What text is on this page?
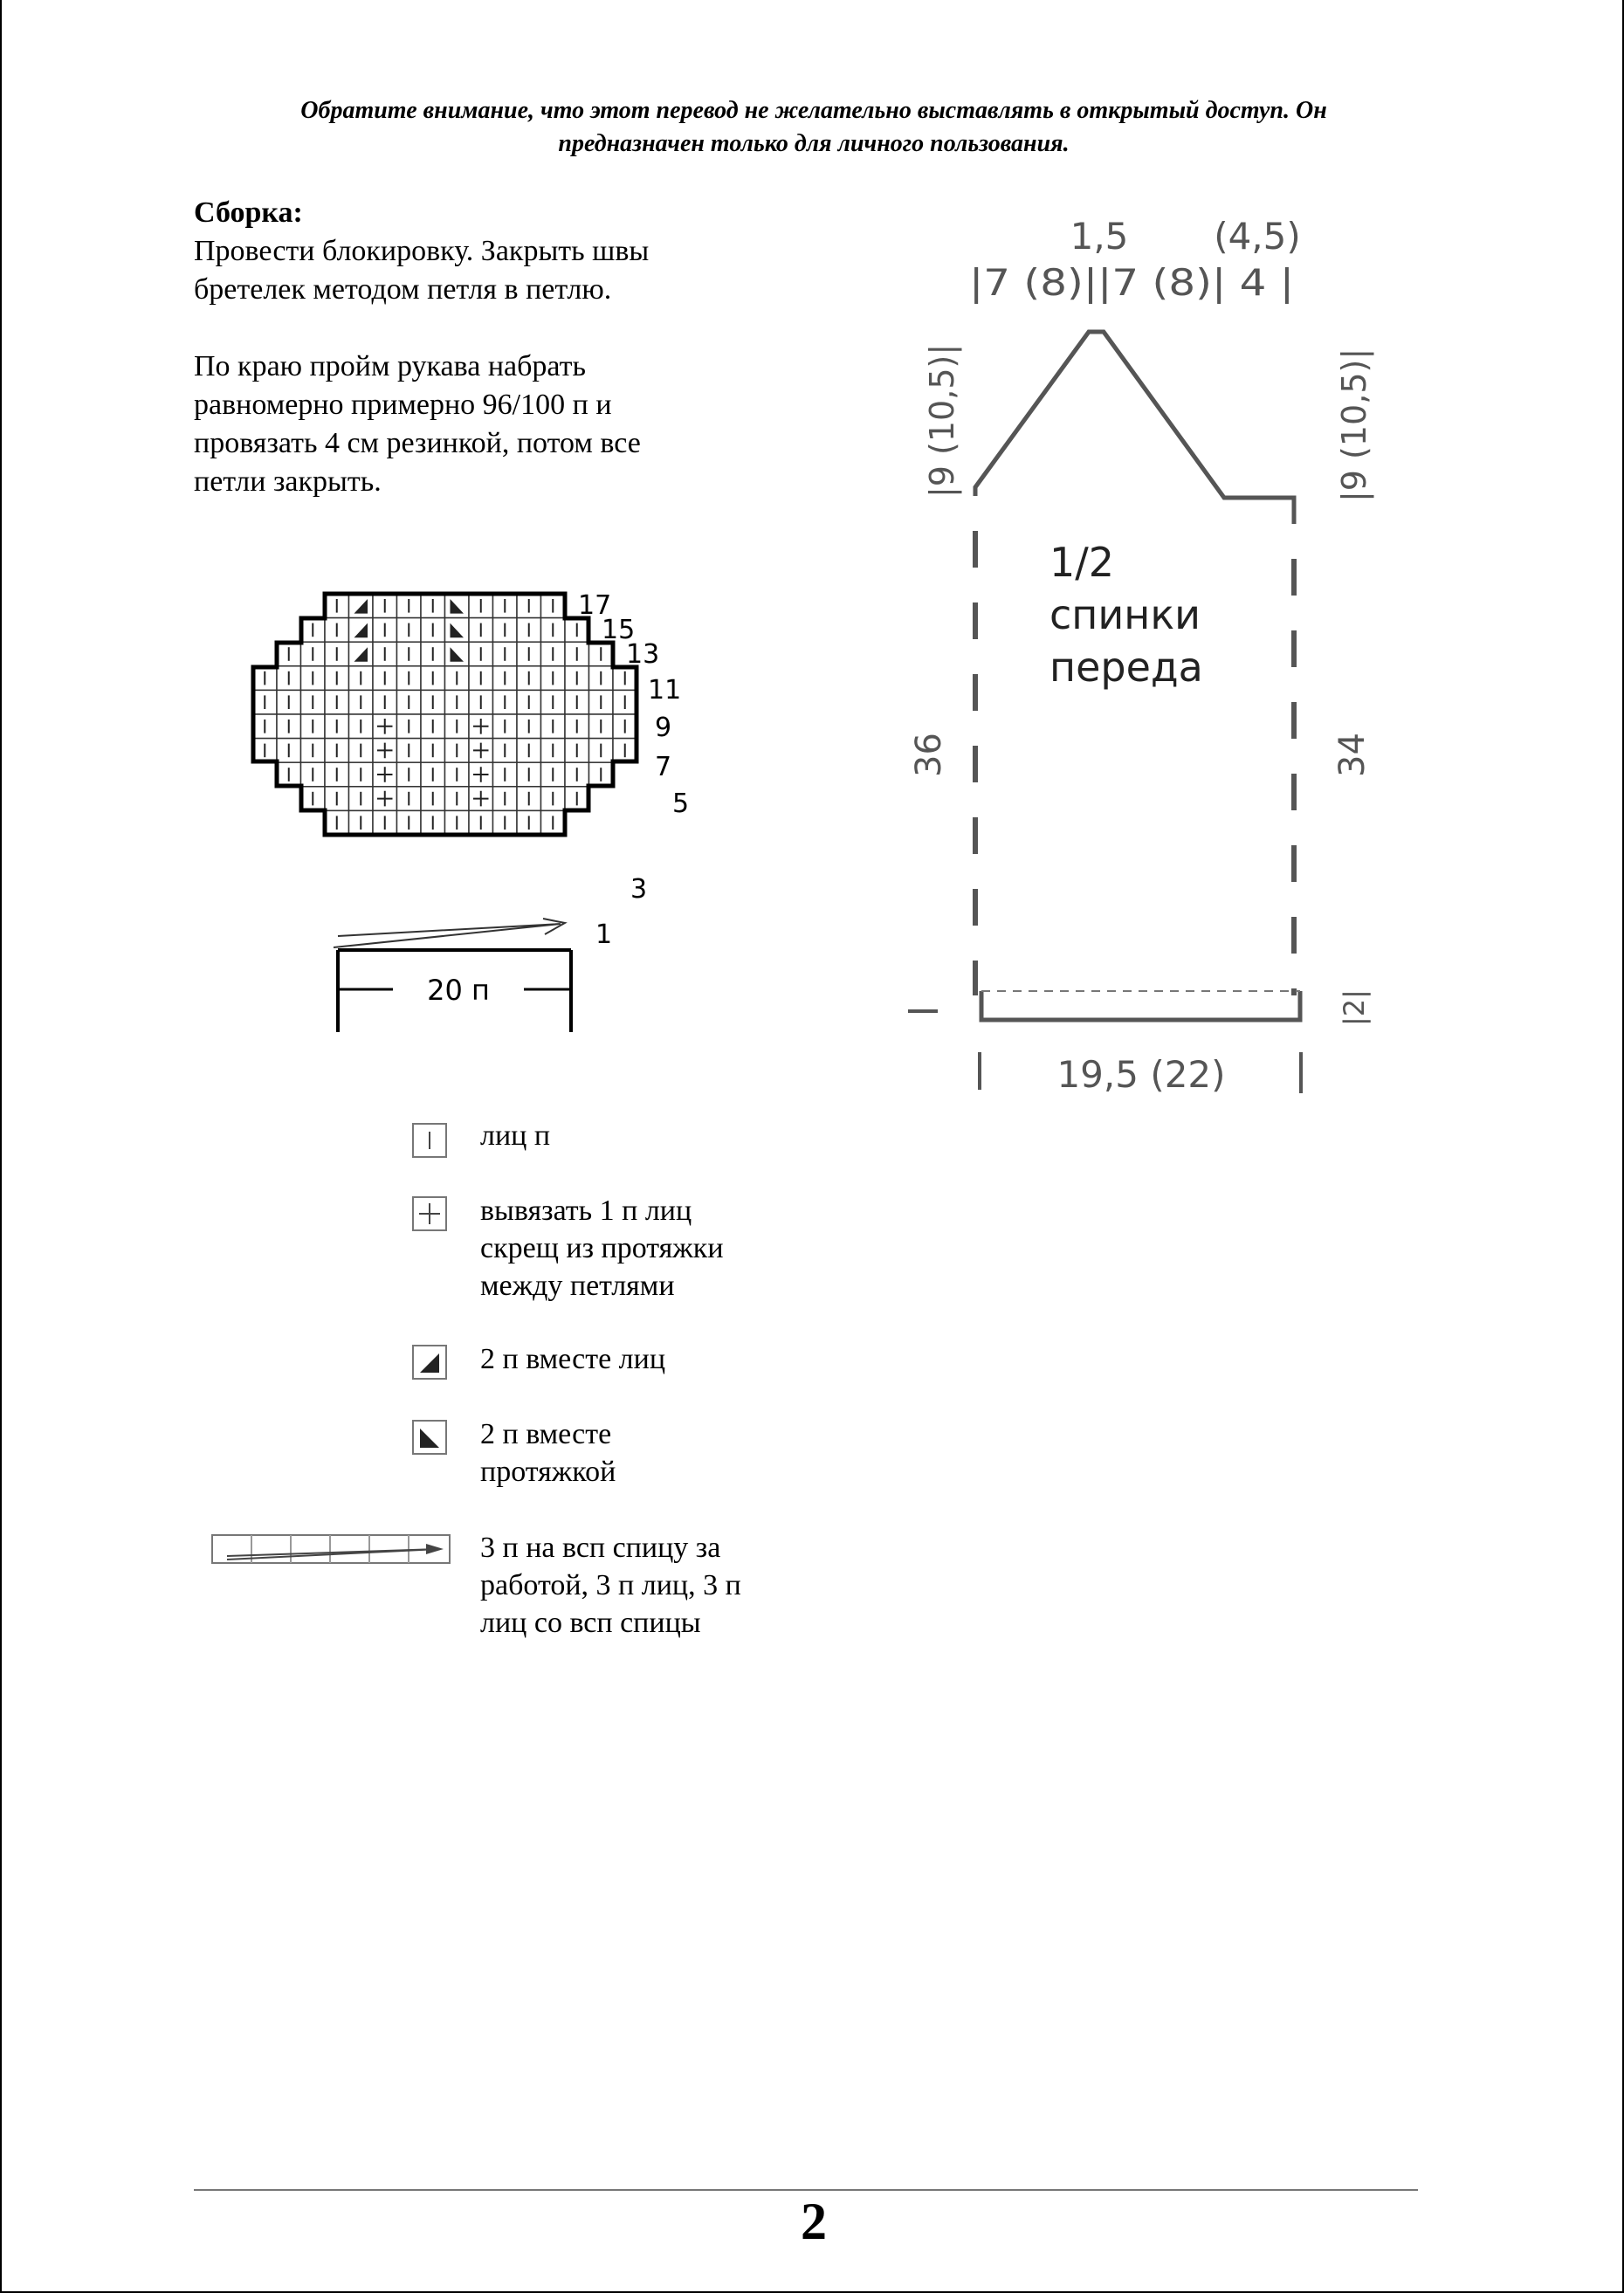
Обратите внимание, что этот перевод не желательно выставлять в открытый доступ. Он
предназначен только для личного пользования.
Сборка:

Провести блокировку. Закрыть швы

бретелек методом петля в петлю.

По краю пройм рукава набрать

равномерно примерно 96/100 п и

провязать 4 см резинкой, потом все

петли закрыть.

20 п
17
15
13
11
9
7
5
3
1
1,5 (4,5)
|7 (8)||7 (8)| 4 |
1/2
спинки
переда
|9 (10,5)|	|9 (10,5)|
36	34
|2|
19,5 (22)
лиц п
вывязать 1 п лиц
скрещ из протяжки
между петлями
2 п вместе лиц
2 п вместе
протяжкой
3 п на всп спицу за
работой, 3 п лиц, 3 п
лиц со всп спицы
2
